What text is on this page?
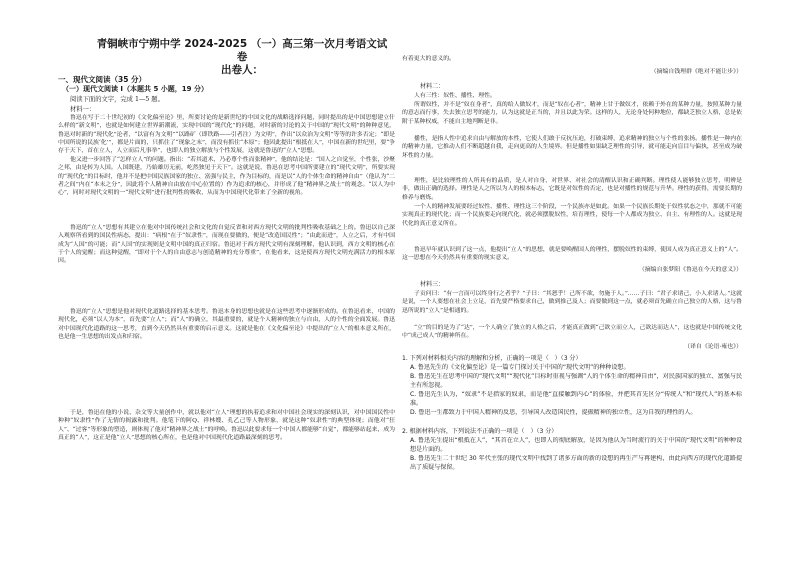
青铜峡市宁朔中学 2024-2025 （一）高三第一次月考语文试卷
出卷人：
一、现代文阅读（35 分）
（一）现代文阅读 I（本题共 5 小题，19 分）
阅读下面的文字，完成 1—5 题。
材料一：
鲁迅在写于二十世纪初的《文化偏至论》里，所要讨论的是新世纪的中国文化的战略选择问题，同时提出的是中国思想建立什么样的“新文明”，也就是如何建立世界新潮流，实现中国的“现代化”的问题，对时新的讨论的关于中国的“现代文明”的种种意见，鲁迅对时新的“现代化”论者，“以富有为文明”“以路矿（即铁路——引者注）为文明”，作出“以众治为文明”等等的许多否定；“即是中国所说的民族‘化’”，都是片面的，只抓住了“现象之末”，而没有抓住“本原”；他因此提出“根抵在人”，中国在新的世纪里，要“争存于天下，首在立人，人立而后凡事举”，也即人的独立解放与个性发展，这就是鲁迅的“立人”思想。
他又进一步回答了“怎样立人”的问题。指出：“若其道术，乃必尊个性而张精神”，他的结论是：“国人之自觉至，个性张，沙聚之邦，由是转为人国。人国既建，乃始雄厉无前，屹然独见于天下”。这就是说，鲁迅在思考中国所要建立的“现代文明”，所要实现的“现代化”的目标时，他并不是把中国民族国家的独立、富强与民主，作为目标的，而是以“人的个体生命的精神自由”（他认为“二者之间”内在“本末之分”，因此将个人精神自由放在中心位置的）作为追求的核心，并形成了他“精神界之战士”的观念。“以人为中心”，同时对现代文明的一“现代文明”进行批判性的吸收，从而为中国现代化带来了全新的视角。
鲁迅的“立人”思想有其建立在他对中国传统社会和文化的自觉反省和对西方现代文明的批判性吸收基础之上的。鲁迅以自己深入观察所看到的国民性病态，提出：“病根”在于“奴隶性”，而现在要做的，便是“改造国民性”；“由此而进”，人立之后，才有中国成为“人国”的可能；而“人国”的实现则是文明中国的真正归宿。鲁迅对于西方现代文明有深刻理解，他认识到，西方文明的核心在于个人的觉醒；而这种觉醒，“即对于个人的自由意志与创造精神的充分尊重”，在他看来，这是使西方现代文明充满活力的根本原因。
鲁迅的“立人”思想是他对现代化道路选择的基本思考。鲁迅本身的思想也就是在这些思考中逐渐形成的。在鲁迅看来，中国的现代化，必须“以人为本”，首先要“立人”；而“人”的确立，其最重要的，就是个人精神的独立与自由，人的个性的全面发展。鲁迅对中国现代化道路的这一思考，直到今天仍然具有重要的启示意义。这就是他在《文化偏至论》中提出的“立人”的根本意义所在，也是他一生思想的出发点和归宿。
于是，鲁迅在他的小说、杂文等大量创作中，就以他对“立人”理想的执着追求和对中国社会现实的深刻认识，对中国国民性中种种“奴隶性”作了无情的揭露和批判。他笔下的阿Q、祥林嫂、孔乙己等人物形象，就是这种“奴隶性”的典型体现；而他对“狂人”、“过客”等形象的塑造，则体现了他对“精神界之战士”的呼唤。鲁迅以此要求每一个中国人都能够“自觉”，都能够站起来，成为真正的“人”，这正是他“立人”思想的核心所在，也是他对中国现代化道路最深刻的思考。
有着更大的意义的。
（摘编自钱理群《绝对不能让步》）
材料二：
人有三性：奴性、播性、理性。
所谓奴性，并不是“奴在身者”，真的给人做奴才，而是“奴在心者”，精神上甘于做奴才，依赖于外在的某种力量，按照某种力量的意志而行事，失去独立思考的能力，认为这就是正当的，并且以此为荣。这样的人，无论身处何种地位，都缺乏独立人格，总是依附于某种权威，不能自主地判断是非。
播性，是指人性中追求自由与解放的本性，它使人们敢于反抗压迫，打破束缚，追求精神的独立与个性的张扬。播性是一种内在的精神力量，它推动人们不断超越自我，走向更高的人生境界。但是播性如果缺乏理性的引导，就可能走向盲目与偏执，甚至成为破坏性的力量。
理性，是比较理性的人所具有的品质，是人对自身、对世界、对社会的清醒认识和正确判断。理性使人能够独立思考，明辨是非，做出正确的选择。理性是人之所以为人的根本标志，它既是对奴性的否定，也是对播性的规范与升华。理性的获得，需要长期的修养与磨炼。
一个人的精神发展要经过奴性、播性、理性这三个阶段，一个民族亦是如此。如果一个民族长期处于奴性状态之中，那就不可能实现真正的现代化；而一个民族要走向现代化，就必须摆脱奴性，培育理性，使每一个人都成为独立、自主、有理性的人。这就是现代化的真正意义所在。
鲁迅早年就认识到了这一点，他提出“立人”的思想，就是要唤醒国人的理性，摆脱奴性的束缚，使国人成为真正意义上的“人”。这一思想在今天仍然具有重要的现实意义。
（摘编自张梦阳《鲁迅在今天的意义》）
材料三：
子贡问曰：“有一言而可以终身行之者乎？”子曰：“其恕乎！己所不欲，勿施于人。”……子曰：“君子求诸己，小人求诸人。”这就是说，一个人要想在社会上立足，首先要严格要求自己，做到推己及人；而要做到这一点，就必须首先确立自己独立的人格，这与鲁迅所说的“立人”是相通的。
“立”的目的是为了“达”，一个人确立了独立的人格之后，才能真正做到“己欲立而立人，己欲达而达人”，这也就是中国传统文化中“成己成人”的精神所在。
（译自《论语·雍也》）
1. 下列对材料相关内容的理解和分析，正确的一项是（　）（3 分）
A. 鲁迅先生的《文化偏至论》是一篇专门探讨关于中国的“现代文明”的种种设想。
B. 鲁迅先生在思考中国的“现代文明”“现代化”目标时重视与强调“人的个体生命的精神自由”，对民族国家的独立、富强与民主有所忽视。
C. 鲁迅先生认为，“奴隶”不是指家的奴隶，而是他“直接触到内心”的体验，并把其首先区分“传统人”和“现代人”的基本标准。
D. 鲁迅一生都致力于中国人精神的反思，引导国人改造国民性，提振精神的独立性，这为自我的理性的人。
2. 根据材料内容，下列说法不正确的一项是（　）（3 分）
A. 鲁迅先生提出“根抵在人”，“其首在立人”，也即人的彻底解放，是因为他认为当时流行的关于中国的“现代文明”的种种设想是片面的。
B. 鲁迅先生二十世纪 30 年代主张的现代文明中找到了诸多方面的新的设想的再生产与再建构，由此向西方的现代化道路提出了质疑与保留。
